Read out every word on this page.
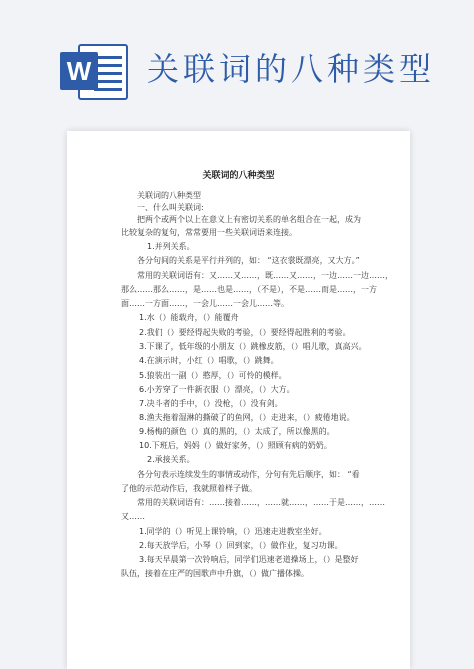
W 关联词的八种类型
关联词的八种类型
关联词的八种类型
一、什么叫关联词:
把两个或两个以上在意义上有密切关系的单名组合在一起，成为
比较复杂的复句，常常要用一些关联词语来连接。
1.并列关系。
各分句间的关系是平行并列的，如： “这衣裳既漂亮，又大方。”
常用的关联词语有：又……又……，既……又……，一边……一边……，
那么……那么……，是……也是……，（不是），不是……而是……，一方
面……一方面……，一会儿……一会儿……等。
1.水（）能载舟，（）能覆舟
2.我们（）要经得起失败的考验，（）要经得起胜利的考验。
3.下课了，低年级的小朋友（）跳橡皮筋，（）唱儿歌，真高兴。
4.在演示时，小红（）唱歌，（）跳舞。
5.狼装出一副（）憨厚，（）可怜的模样。
6.小芳穿了一件新衣服（）漂亮，（）大方。
7.决斗者的手中，（）没枪，（）没有剑。
8.渔夫拖着湿淋的撕破了的鱼网，（）走进来，（）疲倦地说。
9.杨梅的颜色（）真的黑的，（）太成了，所以像黑的。
10.下班后，妈妈（）做好家务，（）照顾有病的奶奶。
2.承接关系。
各分句表示连续发生的事情或动作，分句有先后顺序，如： “看
了他的示范动作后，我就照着样子做。
常用的关联词语有：……接着……，……就……，……于是……，……
又……
1.同学的（）听见上课铃响，（）迅速走进教室坐好。
2.每天放学后，小琴（）回到家，（）做作业，复习功课。
3.每天早晨第一次铃响后，同学们迅速老道操场上，（）是整好
队伍，接着在庄严的国歌声中升旗，（）做广播体操。
